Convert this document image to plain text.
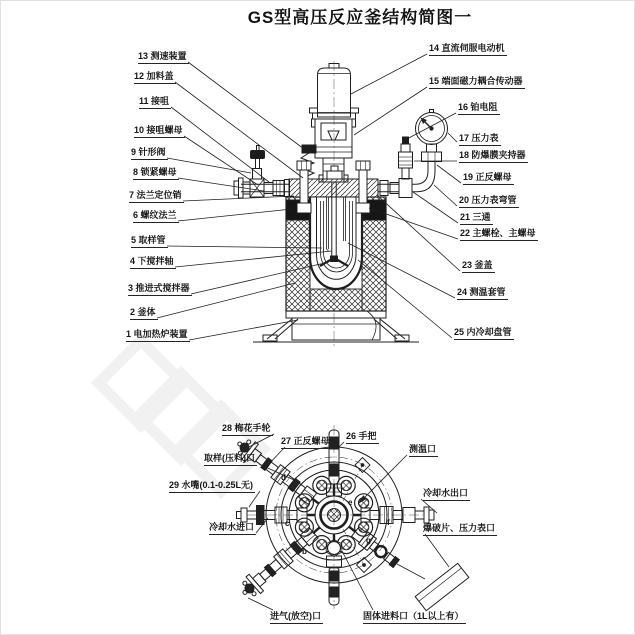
GS型高压反应釜结构简图一
13 测速装置
12 加料盖
11 接咀
10 接咀螺母
9 针形阀
8 锁紧螺母
7 法兰定位销
6 螺纹法兰
5 取样管
4 下搅拌轴
3 推进式搅拌器
2 釜体
1 电加热炉装置
14 直流伺服电动机
15 端面磁力耦合传动器
16 铂电阻
17 压力表
18 防爆膜夹持器
19 正反螺母
20 压力表弯管
21 三通
22 主螺栓、主螺母
23 釜盖
24 测温套管
25 内冷却盘管
28 梅花手轮
27 正反螺母 26 手把
取样(压料)口
测温口
29 水嘴(0.1-0.25L无)
冷却水进口
冷却水出口
爆破片、压力表口
进气(放空)口	固体进料口（1L以上有）
d
c
b
e
g
f
